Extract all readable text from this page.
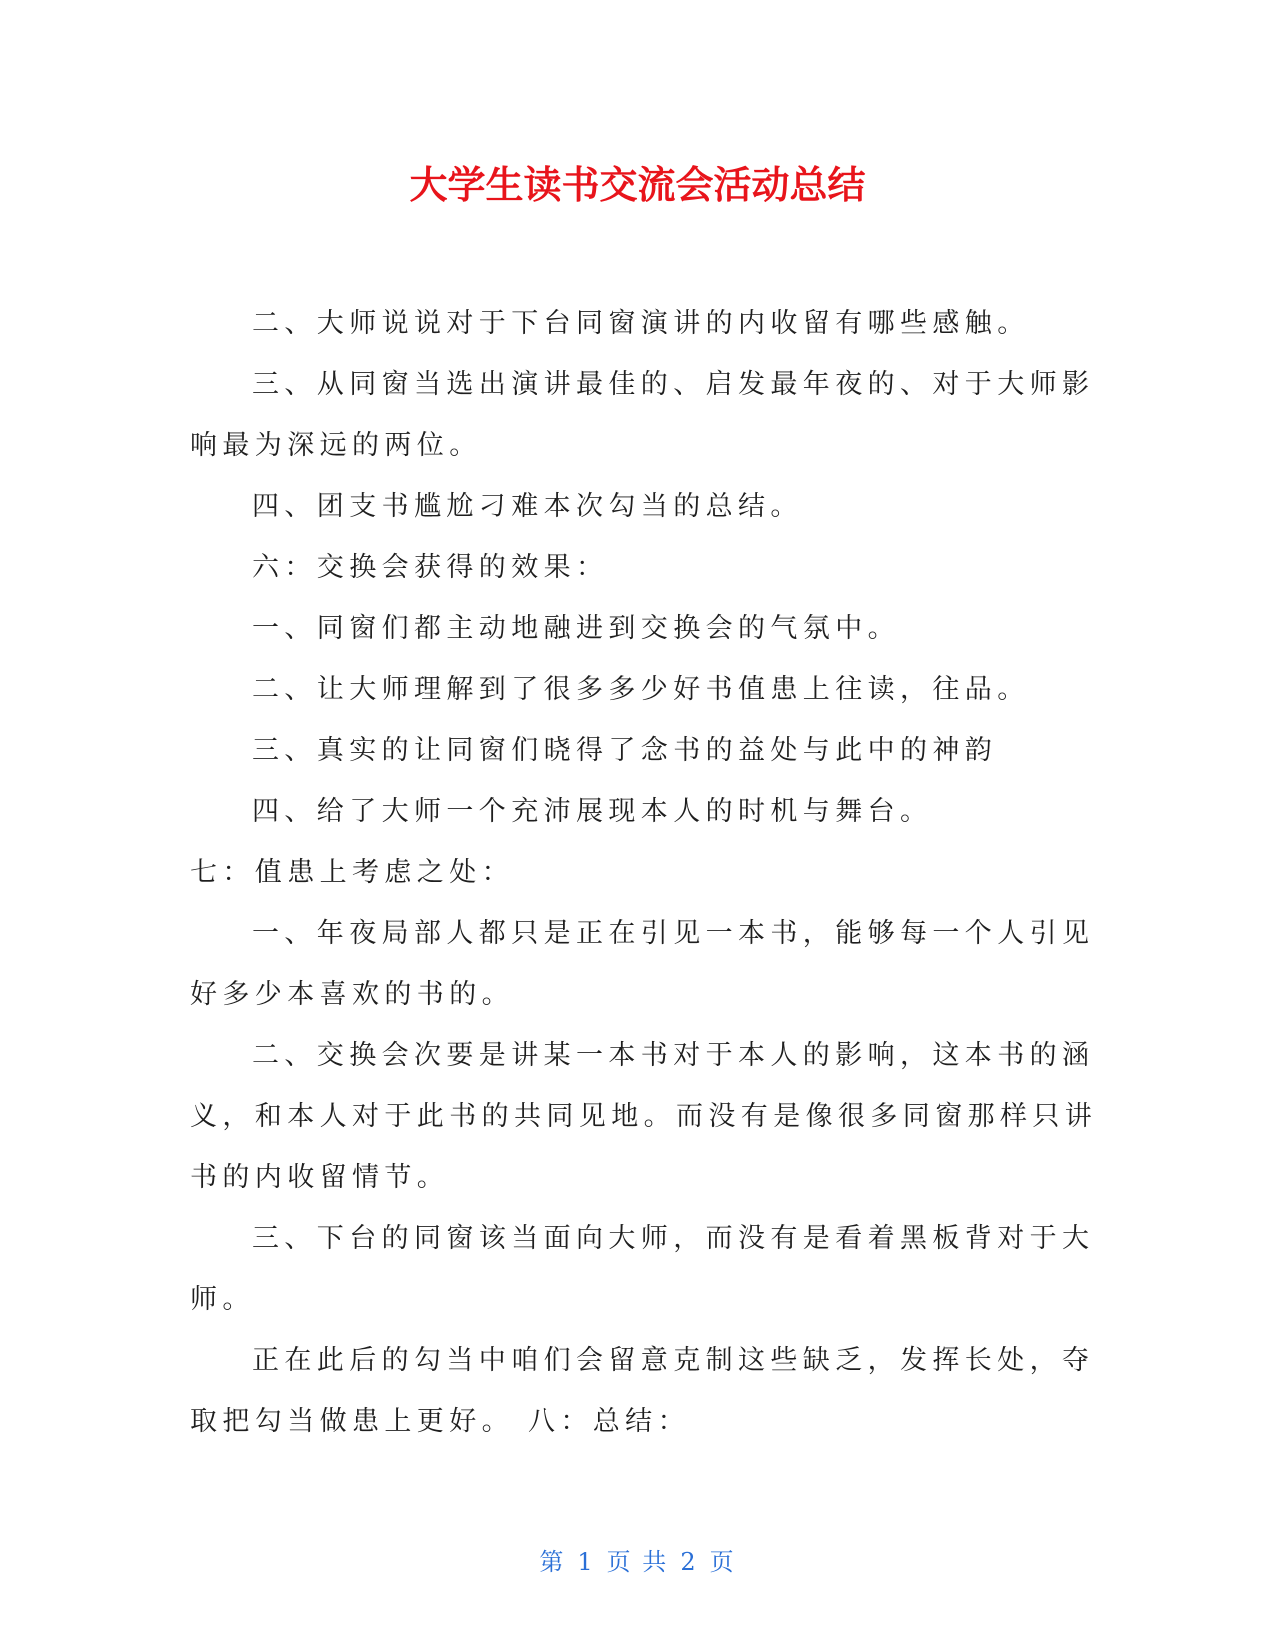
大学生读书交流会活动总结

二、大师说说对于下台同窗演讲的内收留有哪些感触。

三、从同窗当选出演讲最佳的、启发最年夜的、对于大师影

响最为深远的两位。

四、团支书尴尬刁难本次勾当的总结。

六：交换会获得的效果：

一、同窗们都主动地融进到交换会的气氛中。

二、让大师理解到了很多多少好书值患上往读，往品。

三、真实的让同窗们晓得了念书的益处与此中的神韵

四、给了大师一个充沛展现本人的时机与舞台。

七：值患上考虑之处：

一、年夜局部人都只是正在引见一本书，能够每一个人引见

好多少本喜欢的书的。

二、交换会次要是讲某一本书对于本人的影响，这本书的涵

义，和本人对于此书的共同见地。而没有是像很多同窗那样只讲

书的内收留情节。

三、下台的同窗该当面向大师，而没有是看着黑板背对于大

师。

正在此后的勾当中咱们会留意克制这些缺乏，发挥长处，夺

取把勾当做患上更好。 八：总结：

第 1 页 共 2 页
